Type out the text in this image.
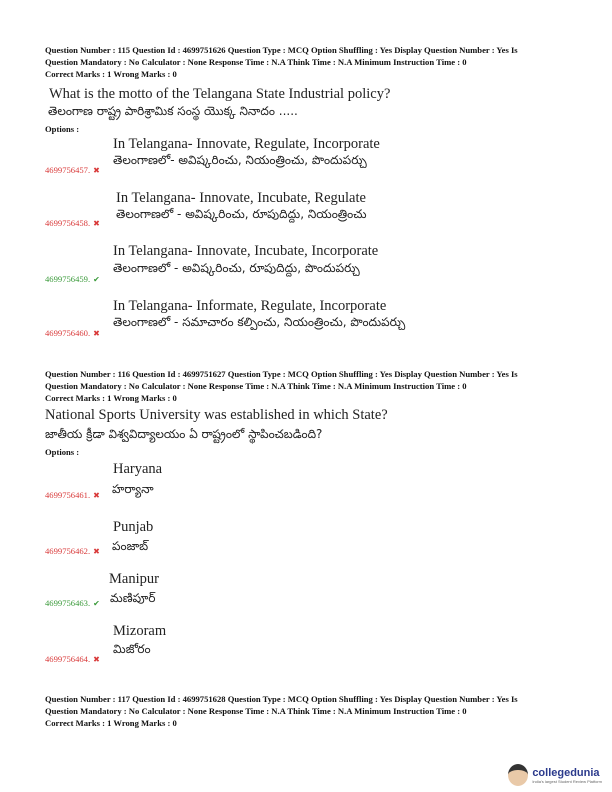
Question Number : 115 Question Id : 4699751626 Question Type : MCQ Option Shuffling : Yes Display Question Number : Yes Is
Question Mandatory : No Calculator : None Response Time : N.A Think Time : N.A Minimum Instruction Time : 0
Correct Marks : 1 Wrong Marks : 0
What is the motto of the Telangana State Industrial policy?
తెలంగాణ రాష్ట్ర పారిశ్రామిక సంస్థ యొక్క నినాదం .....
Options :
In Telangana- Innovate, Regulate, Incorporate
తెలంగాణలో- అవిష్కరించు, నియంత్రించు, పొందుపర్చు
4699756457. ✖
In Telangana- Innovate, Incubate, Regulate
తెలంగాణలో - అవిష్కరించు, రూపుదిద్దు, నియంత్రించు
4699756458. ✖
In Telangana- Innovate, Incubate, Incorporate
తెలంగాణలో - అవిష్కరించు, రూపుదిద్దు, పొందుపర్చు
4699756459. ✔
In Telangana- Informate, Regulate, Incorporate
తెలంగాణలో - సమాచారం కల్పించు, నియంత్రించు, పొందుపర్చు
4699756460. ✖
Question Number : 116 Question Id : 4699751627 Question Type : MCQ Option Shuffling : Yes Display Question Number : Yes Is
Question Mandatory : No Calculator : None Response Time : N.A Think Time : N.A Minimum Instruction Time : 0
Correct Marks : 1 Wrong Marks : 0
National Sports University was established in which State?
జాతీయ క్రీడా విశ్వవిద్యాలయం ఏ రాష్ట్రంలో స్థాపించబడింది?
Options :
Haryana
హర్యానా
4699756461. ✖
Punjab
పంజాబ్
4699756462. ✖
Manipur
మణిపూర్
4699756463. ✔
Mizoram
మిజోరం
4699756464. ✖
Question Number : 117 Question Id : 4699751628 Question Type : MCQ Option Shuffling : Yes Display Question Number : Yes Is
Question Mandatory : No Calculator : None Response Time : N.A Think Time : N.A Minimum Instruction Time : 0
Correct Marks : 1 Wrong Marks : 0
collegedunia
India's largest Student Review Platform
